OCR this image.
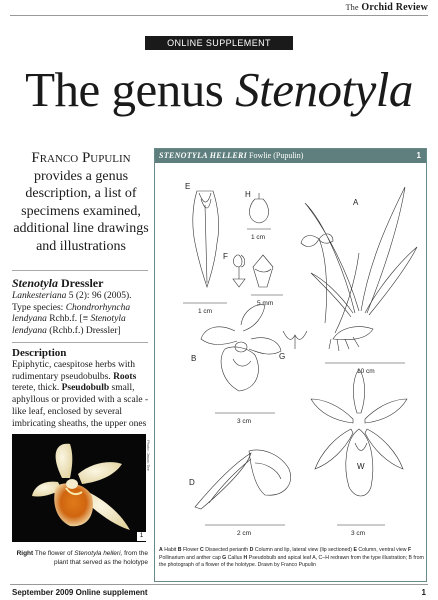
The Orchid Review
ONLINE SUPPLEMENT
The genus Stenotyla
Franco Pupulin provides a genus description, a list of specimens examined, additional line drawings and illustrations
Stenotyla Dressler
Lankesteriana 5 (2): 96 (2005). Type species: Chondrorhyncha lendyana Rchb.f. [≡ Stenotyla lendyana (Rchb.f.) Dressler]
Description
Epiphytic, caespitose herbs with rudimentary pseudobulbs. Roots terete, thick. Pseudobulb small, aphyllous or provided with a scale -like leaf, enclosed by several imbricating sheaths, the upper ones
Photo: Jason Tee
1
Right The flower of Stenotyla helleri, from the plant that served as the holotype
STENOTYLA HELLERI Fowlie (Pupulin)	1
E
1 cm
H
1 cm
F
5 mm
A
10 cm
G
B
3 cm
D
2 cm
W
3 cm
A Habit B Flower C Dissected perianth D Column and lip, lateral view (lip sectioned) E Column, ventral view F Pollinarium and anther cap G Callus H Pseudobulb and apical leaf A, C–H redrawn from the type illustration; B from the photograph of a flower of the holotype. Drawn by Franco Pupulin
September 2009 Online supplement	1
